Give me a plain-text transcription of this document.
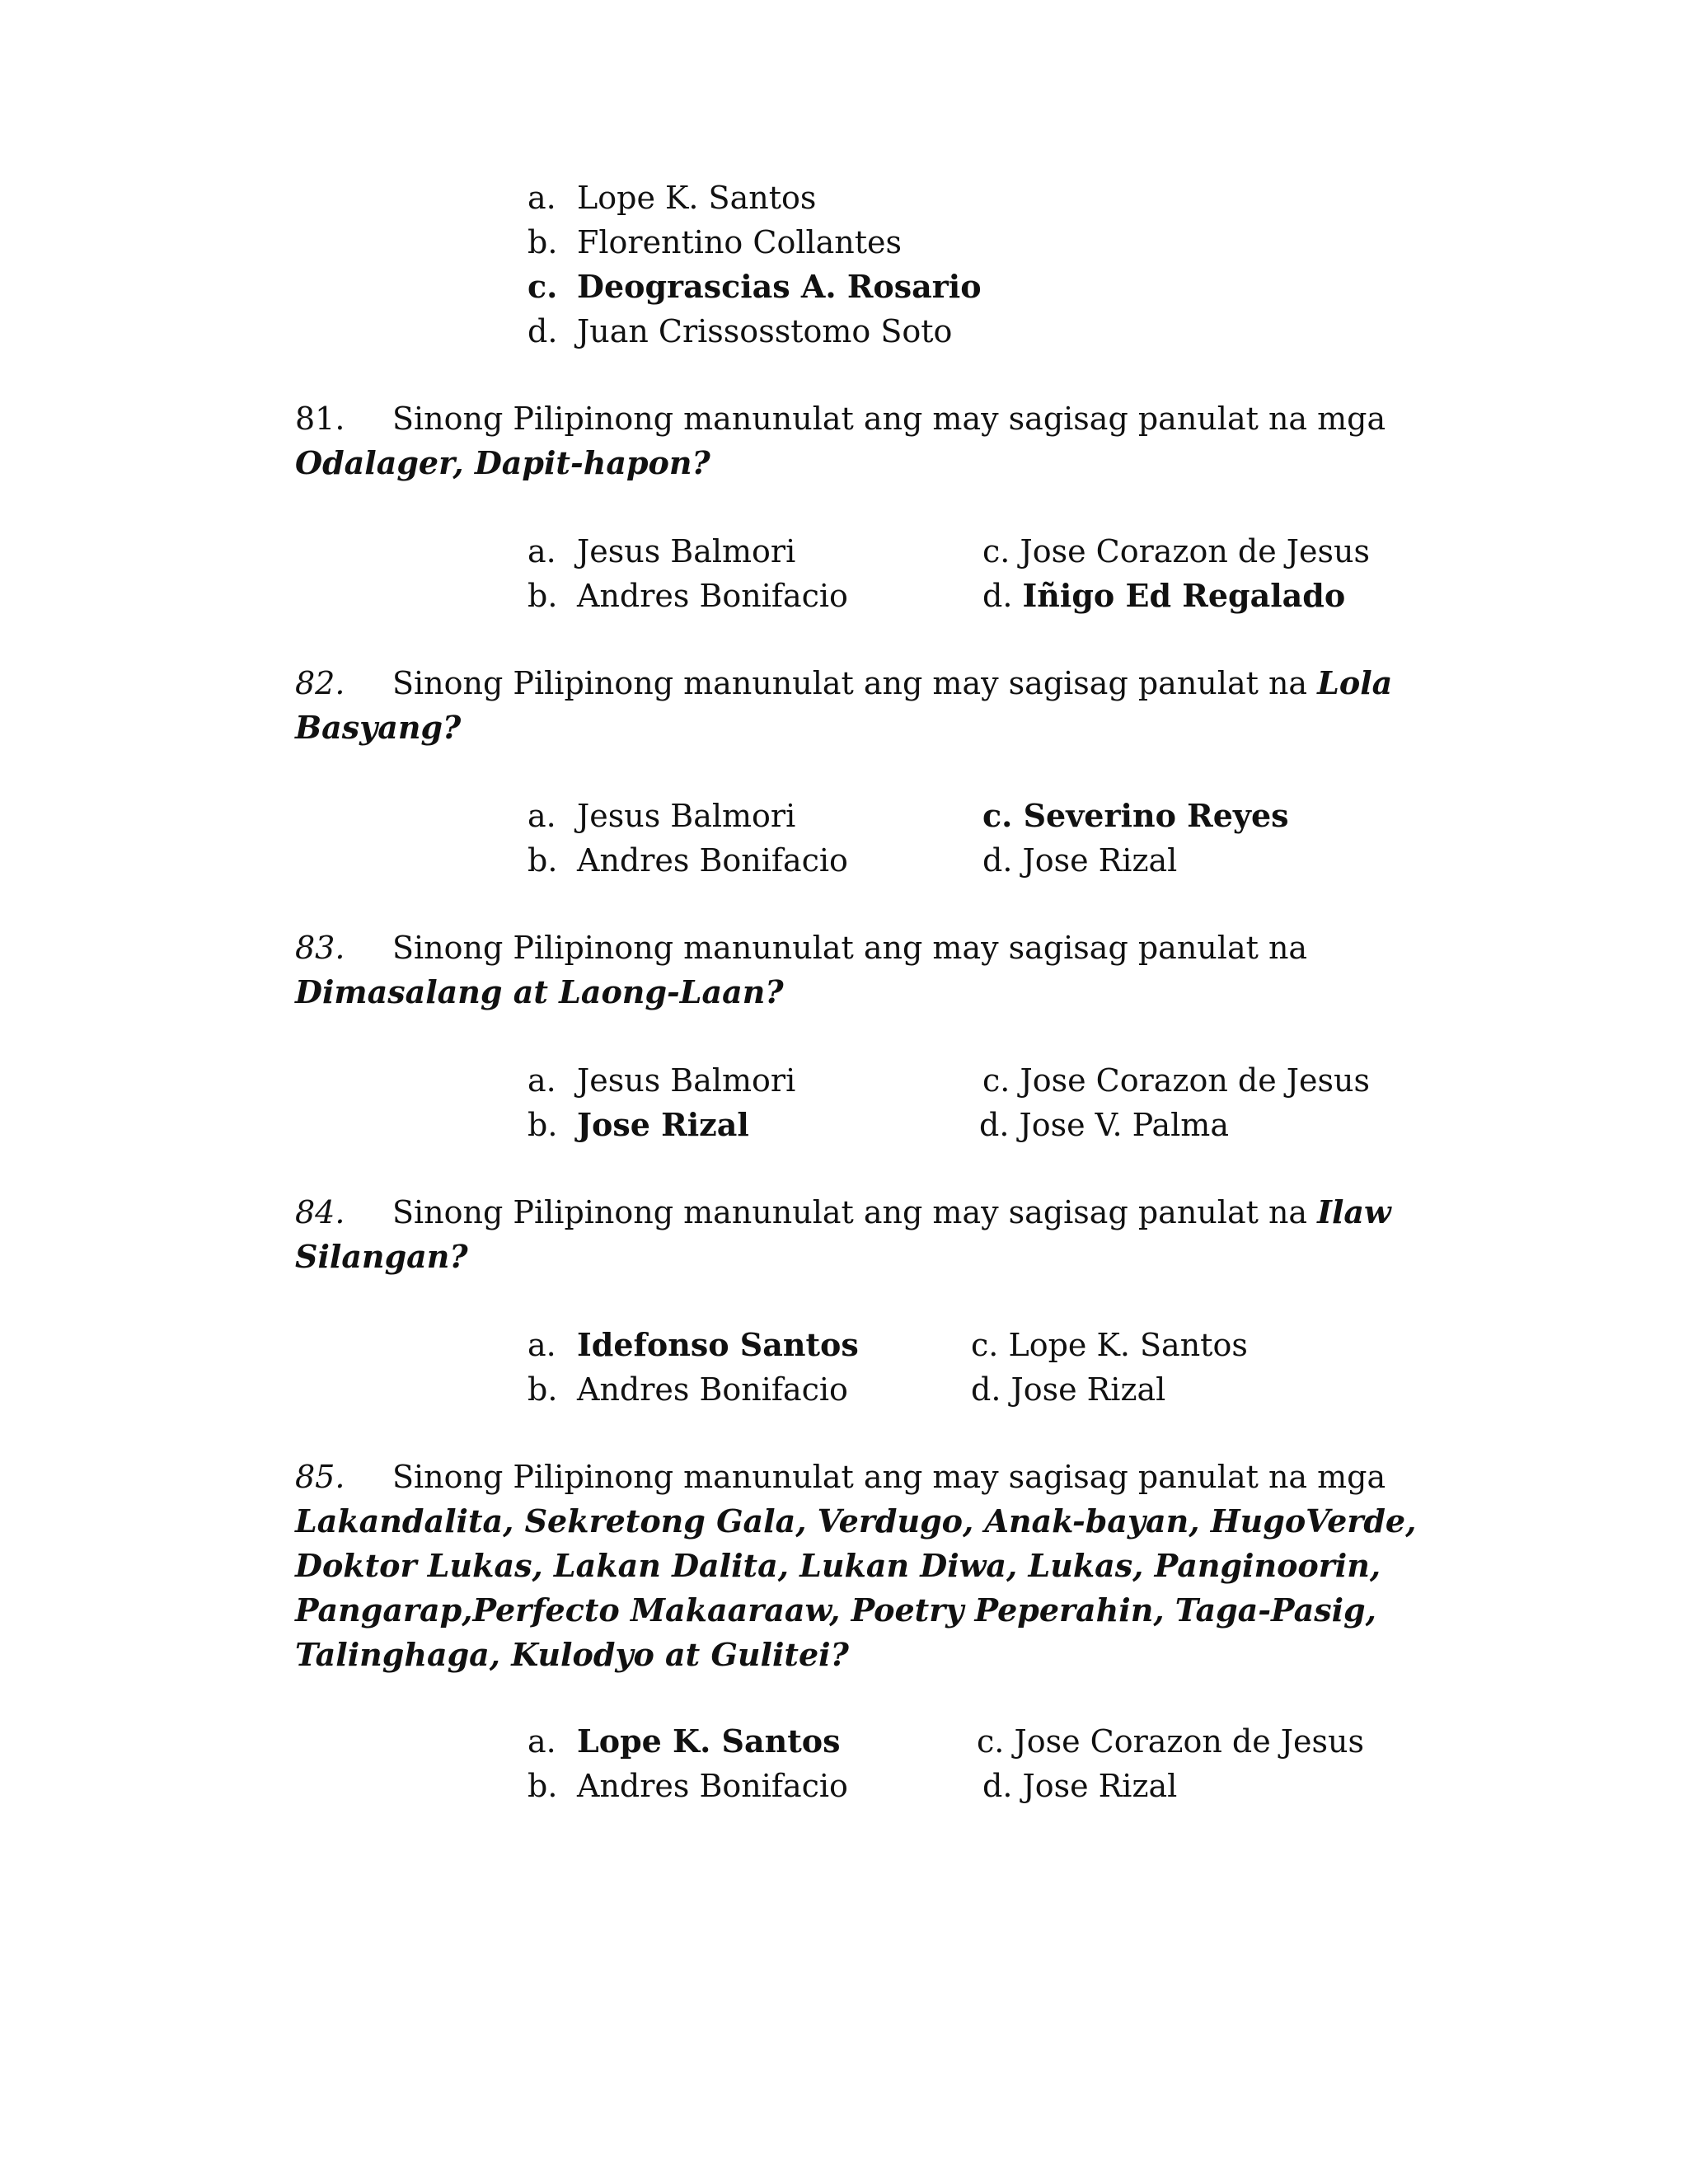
a. Lope K. Santos
b. Florentino Collantes
c. Deograscias A. Rosario
d. Juan Crissosstomo Soto
81. Sinong Pilipinong manunulat ang may sagisag panulat na mga
Odalager, Dapit-hapon?
a. Jesus Balmori
b. Andres Bonifacio
c. Jose Corazon de Jesus
d. Iñigo Ed Regalado
82. Sinong Pilipinong manunulat ang may sagisag panulat na Lola
Basyang?
a. Jesus Balmori
b. Andres Bonifacio
c. Severino Reyes
d. Jose Rizal
83. Sinong Pilipinong manunulat ang may sagisag panulat na
Dimasalang at Laong-Laan?
a. Jesus Balmori
b. Jose Rizal
c. Jose Corazon de Jesus
d. Jose V. Palma
84. Sinong Pilipinong manunulat ang may sagisag panulat na Ilaw
Silangan?
a. Idefonso Santos
b. Andres Bonifacio
c. Lope K. Santos
d. Jose Rizal
85. Sinong Pilipinong manunulat ang may sagisag panulat na mga
Lakandalita, Sekretong Gala, Verdugo, Anak-bayan, HugoVerde,
Doktor Lukas, Lakan Dalita, Lukan Diwa, Lukas, Panginoorin,
Pangarap,Perfecto Makaaraaw, Poetry Peperahin, Taga-Pasig,
Talinghaga, Kulodyo at Gulitei?
a. Lope K. Santos
b. Andres Bonifacio
c. Jose Corazon de Jesus
d. Jose Rizal
